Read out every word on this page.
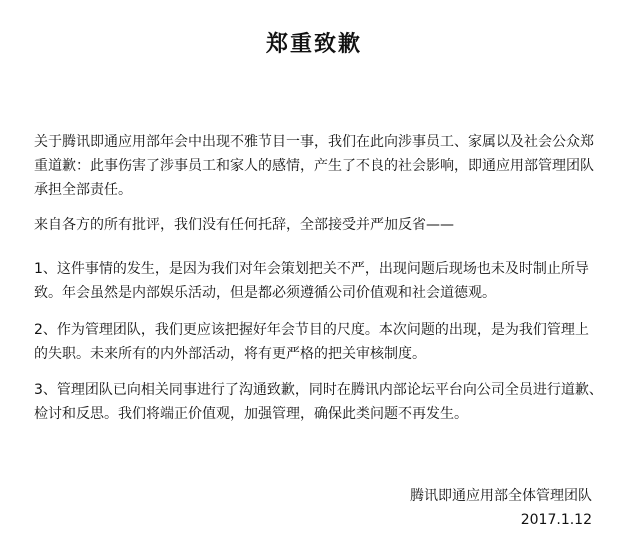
郑重致歉
关于腾讯即通应用部年会中出现不雅节目一事，我们在此向涉事员工、家属以及社会公众郑
重道歉：此事伤害了涉事员工和家人的感情，产生了不良的社会影响，即通应用部管理团队
承担全部责任。
来自各方的所有批评，我们没有任何托辞，全部接受并严加反省——
1、这件事情的发生，是因为我们对年会策划把关不严，出现问题后现场也未及时制止所导
致。年会虽然是内部娱乐活动，但是都必须遵循公司价值观和社会道德观。
2、作为管理团队，我们更应该把握好年会节目的尺度。本次问题的出现，是为我们管理上
的失职。未来所有的内外部活动，将有更严格的把关审核制度。
3、管理团队已向相关同事进行了沟通致歉，同时在腾讯内部论坛平台向公司全员进行道歉、
检讨和反思。我们将端正价值观，加强管理，确保此类问题不再发生。
腾讯即通应用部全体管理团队
2017.1.12
